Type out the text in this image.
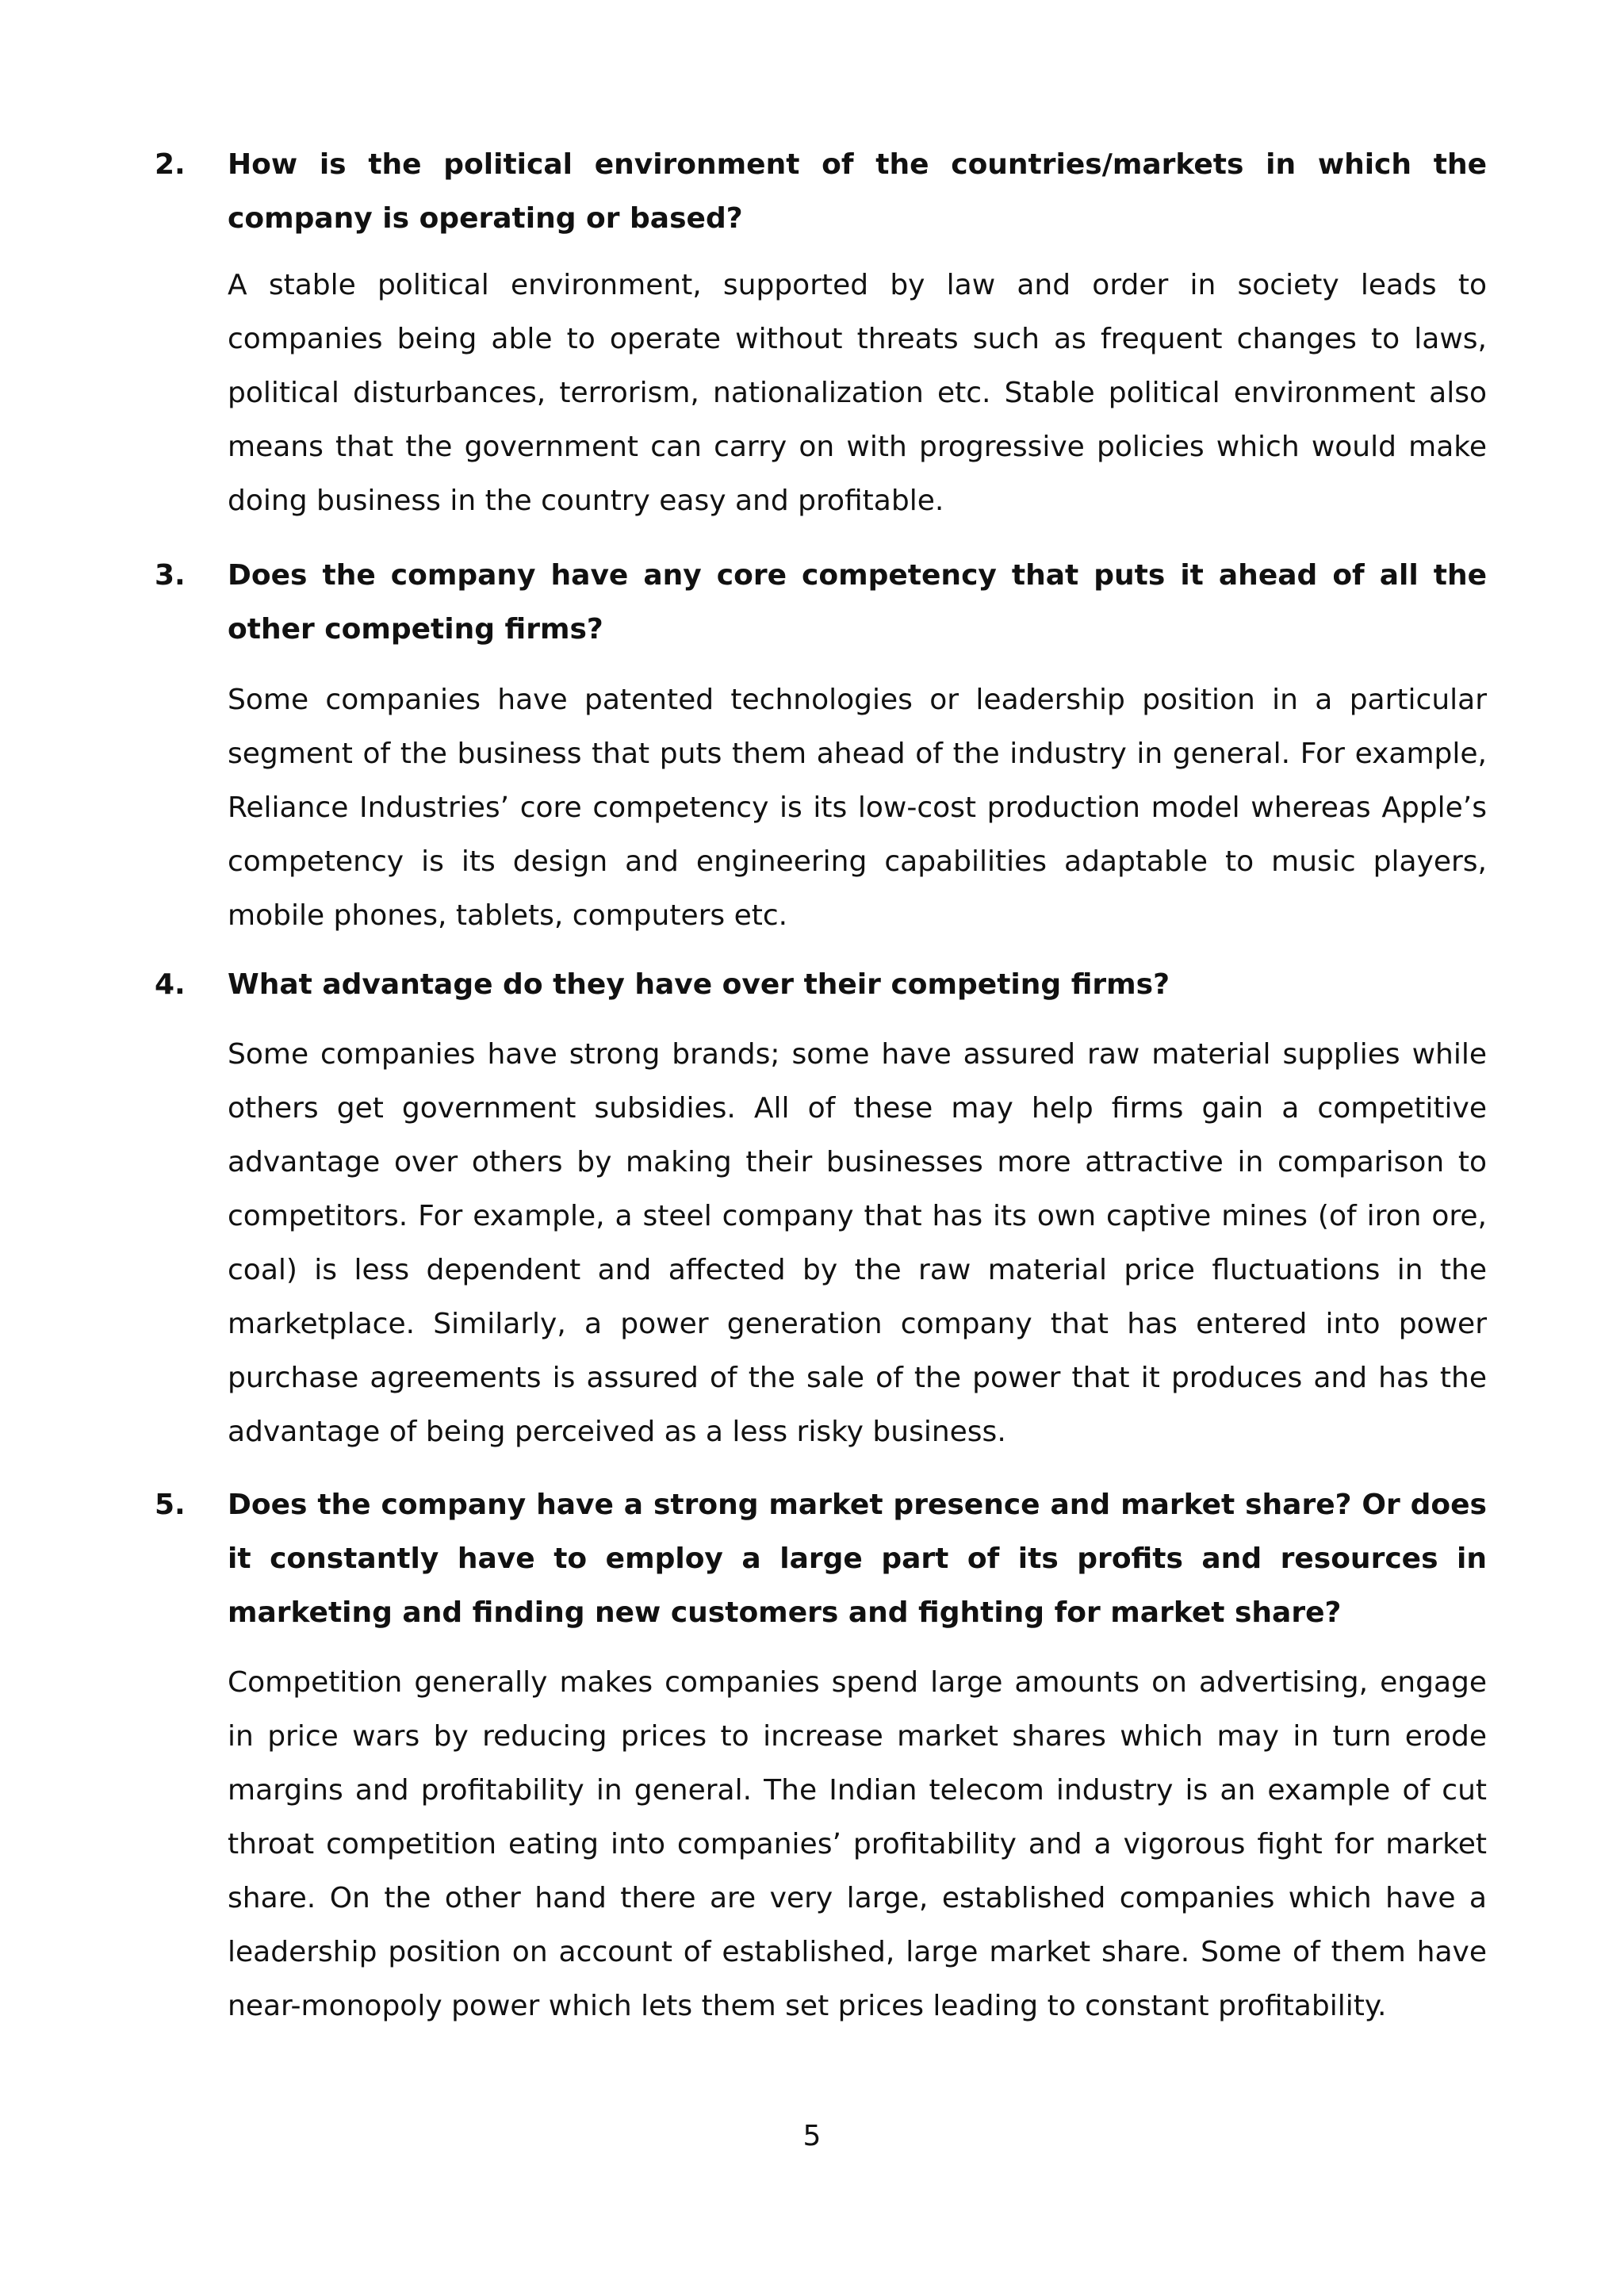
2.	How is the political environment of the countries/markets in which the company is operating or based?
A stable political environment, supported by law and order in society leads to companies being able to operate without threats such as frequent changes to laws, political disturbances, terrorism, nationalization etc. Stable political environment also means that the government can carry on with progressive policies which would make doing business in the country easy and profitable.
3.	Does the company have any core competency that puts it ahead of all the other competing firms?
Some companies have patented technologies or leadership position in a particular segment of the business that puts them ahead of the industry in general. For example, Reliance Industries’ core competency is its low-cost production model whereas Apple’s competency is its design and engineering capabilities adaptable to music players, mobile phones, tablets, computers etc.
4.	What advantage do they have over their competing firms?
Some companies have strong brands; some have assured raw material supplies while others get government subsidies. All of these may help firms gain a competitive advantage over others by making their businesses more attractive in comparison to competitors. For example, a steel company that has its own captive mines (of iron ore, coal) is less dependent and affected by the raw material price fluctuations in the marketplace. Similarly, a power generation company that has entered into power purchase agreements is assured of the sale of the power that it produces and has the advantage of being perceived as a less risky business.
5.	Does the company have a strong market presence and market share? Or does it constantly have to employ a large part of its profits and resources in marketing and finding new customers and fighting for market share?
Competition generally makes companies spend large amounts on advertising, engage in price wars by reducing prices to increase market shares which may in turn erode margins and profitability in general. The Indian telecom industry is an example of cut throat competition eating into companies’ profitability and a vigorous fight for market share. On the other hand there are very large, established companies which have a leadership position on account of established, large market share. Some of them have near-monopoly power which lets them set prices leading to constant profitability.
5
